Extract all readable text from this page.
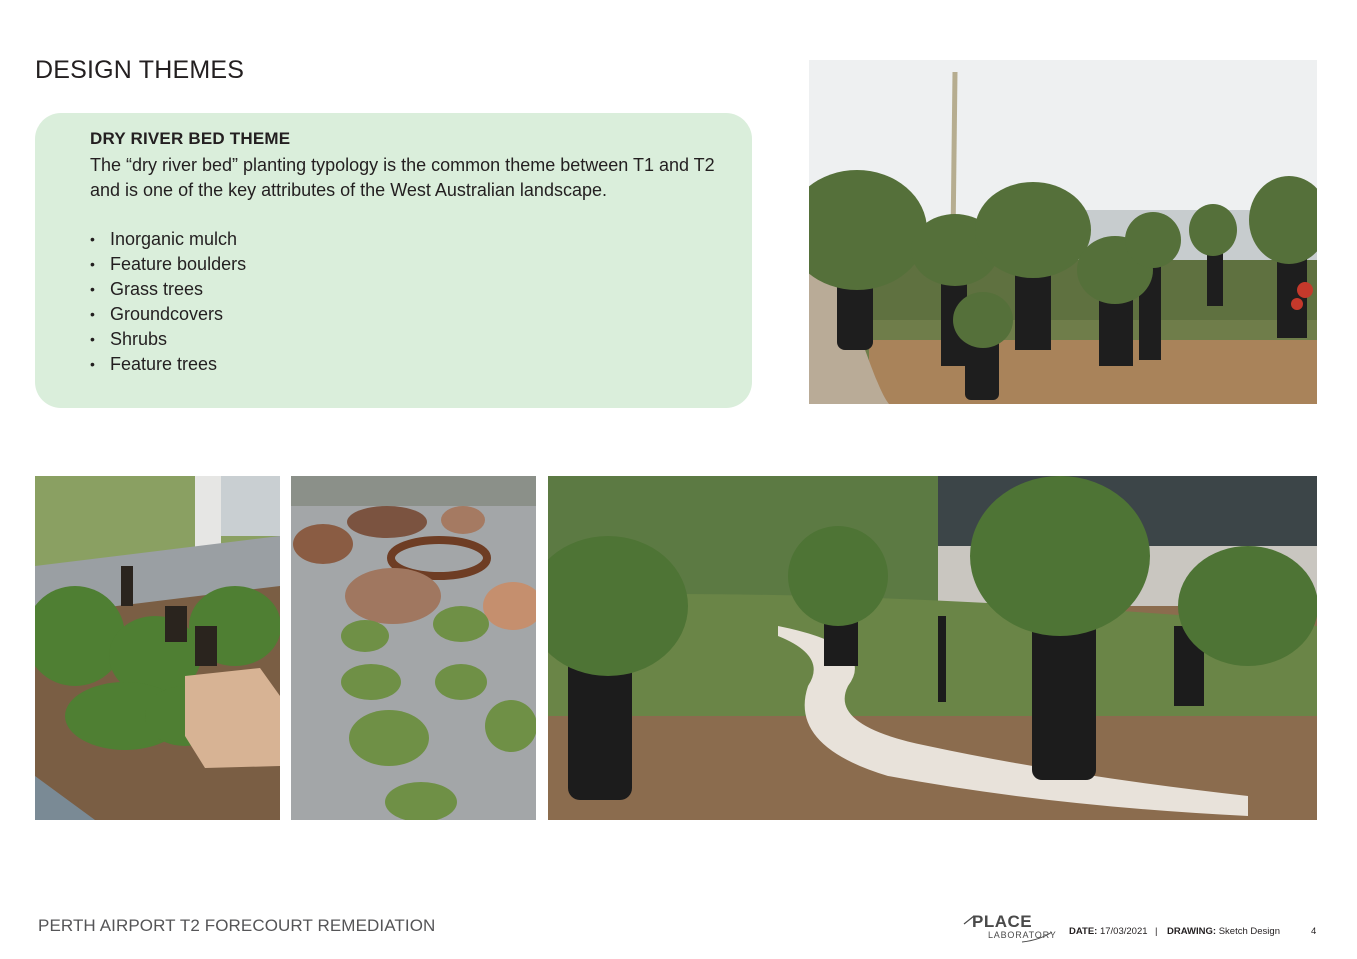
DESIGN THEMES
DRY RIVER BED THEME

The “dry river bed” planting typology is the common theme between T1 and T2 and is one of the key attributes of the West Australian landscape.

• Inorganic mulch
• Feature boulders
• Grass trees
• Groundcovers
• Shrubs
• Feature trees
PERTH AIRPORT T2 FORECOURT REMEDIATION	PLACE
LABORATORY DATE: 17/03/2021 | DRAWING: Sketch Design	4
